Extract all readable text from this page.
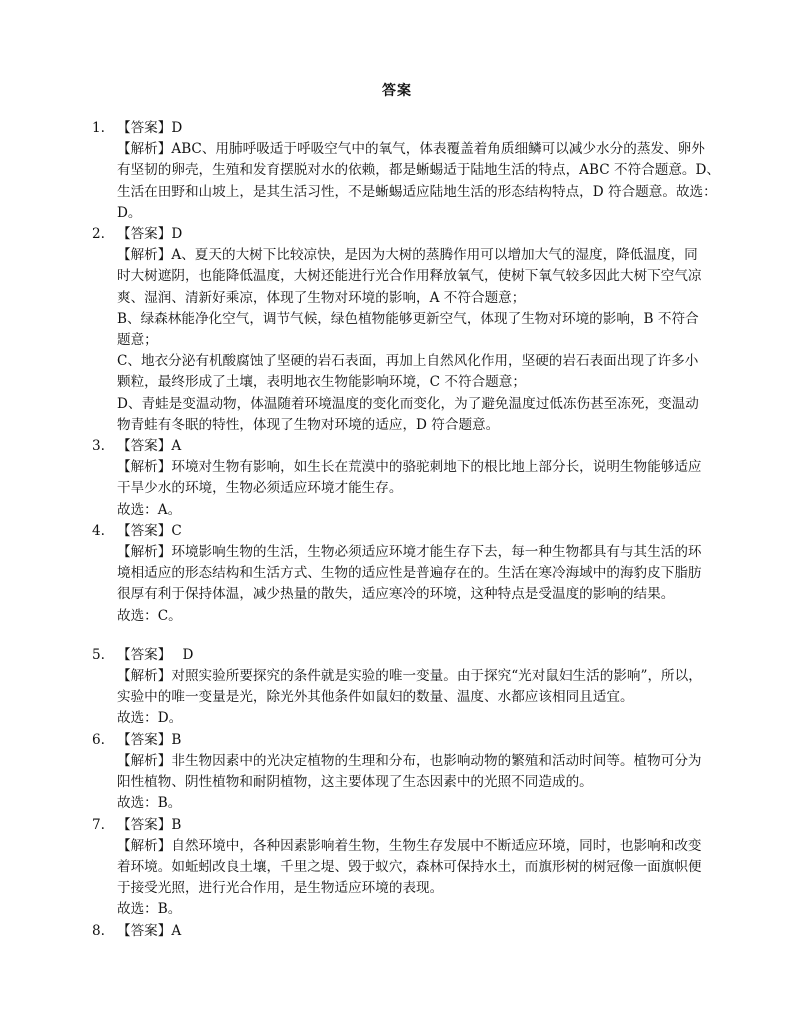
答案
1. 【答案】D
【解析】ABC、用肺呼吸适于呼吸空气中的氧气，体表覆盖着角质细鳞可以减少水分的蒸发、卵外
有坚韧的卵壳，生殖和发育摆脱对水的依赖，都是蜥蜴适于陆地生活的特点，ABC 不符合题意。D、
生活在田野和山坡上，是其生活习性，不是蜥蜴适应陆地生活的形态结构特点，D 符合题意。故选：
D。
2. 【答案】D
【解析】A、夏天的大树下比较凉快，是因为大树的蒸腾作用可以增加大气的湿度，降低温度，同
时大树遮阴，也能降低温度，大树还能进行光合作用释放氧气，使树下氧气较多因此大树下空气凉
爽、湿润、清新好乘凉，体现了生物对环境的影响，A 不符合题意；
B、绿森林能净化空气，调节气候，绿色植物能够更新空气，体现了生物对环境的影响，B 不符合
题意；
C、地衣分泌有机酸腐蚀了坚硬的岩石表面，再加上自然风化作用，坚硬的岩石表面出现了许多小
颗粒，最终形成了土壤，表明地衣生物能影响环境，C 不符合题意；
D、青蛙是变温动物，体温随着环境温度的变化而变化，为了避免温度过低冻伤甚至冻死，变温动
物青蛙有冬眠的特性，体现了生物对环境的适应，D 符合题意。
3. 【答案】A
【解析】环境对生物有影响，如生长在荒漠中的骆驼刺地下的根比地上部分长，说明生物能够适应
干旱少水的环境，生物必须适应环境才能生存。
故选：A。
4. 【答案】C
【解析】环境影响生物的生活，生物必须适应环境才能生存下去，每一种生物都具有与其生活的环
境相适应的形态结构和生活方式、生物的适应性是普遍存在的。生活在寒冷海域中的海豹皮下脂肪
很厚有利于保持体温，减少热量的散失，适应寒冷的环境，这种特点是受温度的影响的结果。
故选：C。
5. 【答案】　 D
【解析】对照实验所要探究的条件就是实验的唯一变量。由于探究“光对鼠妇生活的影响”，所以，
实验中的唯一变量是光，除光外其他条件如鼠妇的数量、温度、水都应该相同且适宜。
故选：D。
6. 【答案】B
【解析】非生物因素中的光决定植物的生理和分布，也影响动物的繁殖和活动时间等。植物可分为
阳性植物、阴性植物和耐阴植物，这主要体现了生态因素中的光照不同造成的。
故选：B。
7. 【答案】B
【解析】自然环境中，各种因素影响着生物，生物生存发展中不断适应环境，同时，也影响和改变
着环境。如蚯蚓改良土壤，千里之堤、毁于蚁穴，森林可保持水土，而旗形树的树冠像一面旗帜便
于接受光照，进行光合作用，是生物适应环境的表现。
故选：B。
8. 【答案】A
